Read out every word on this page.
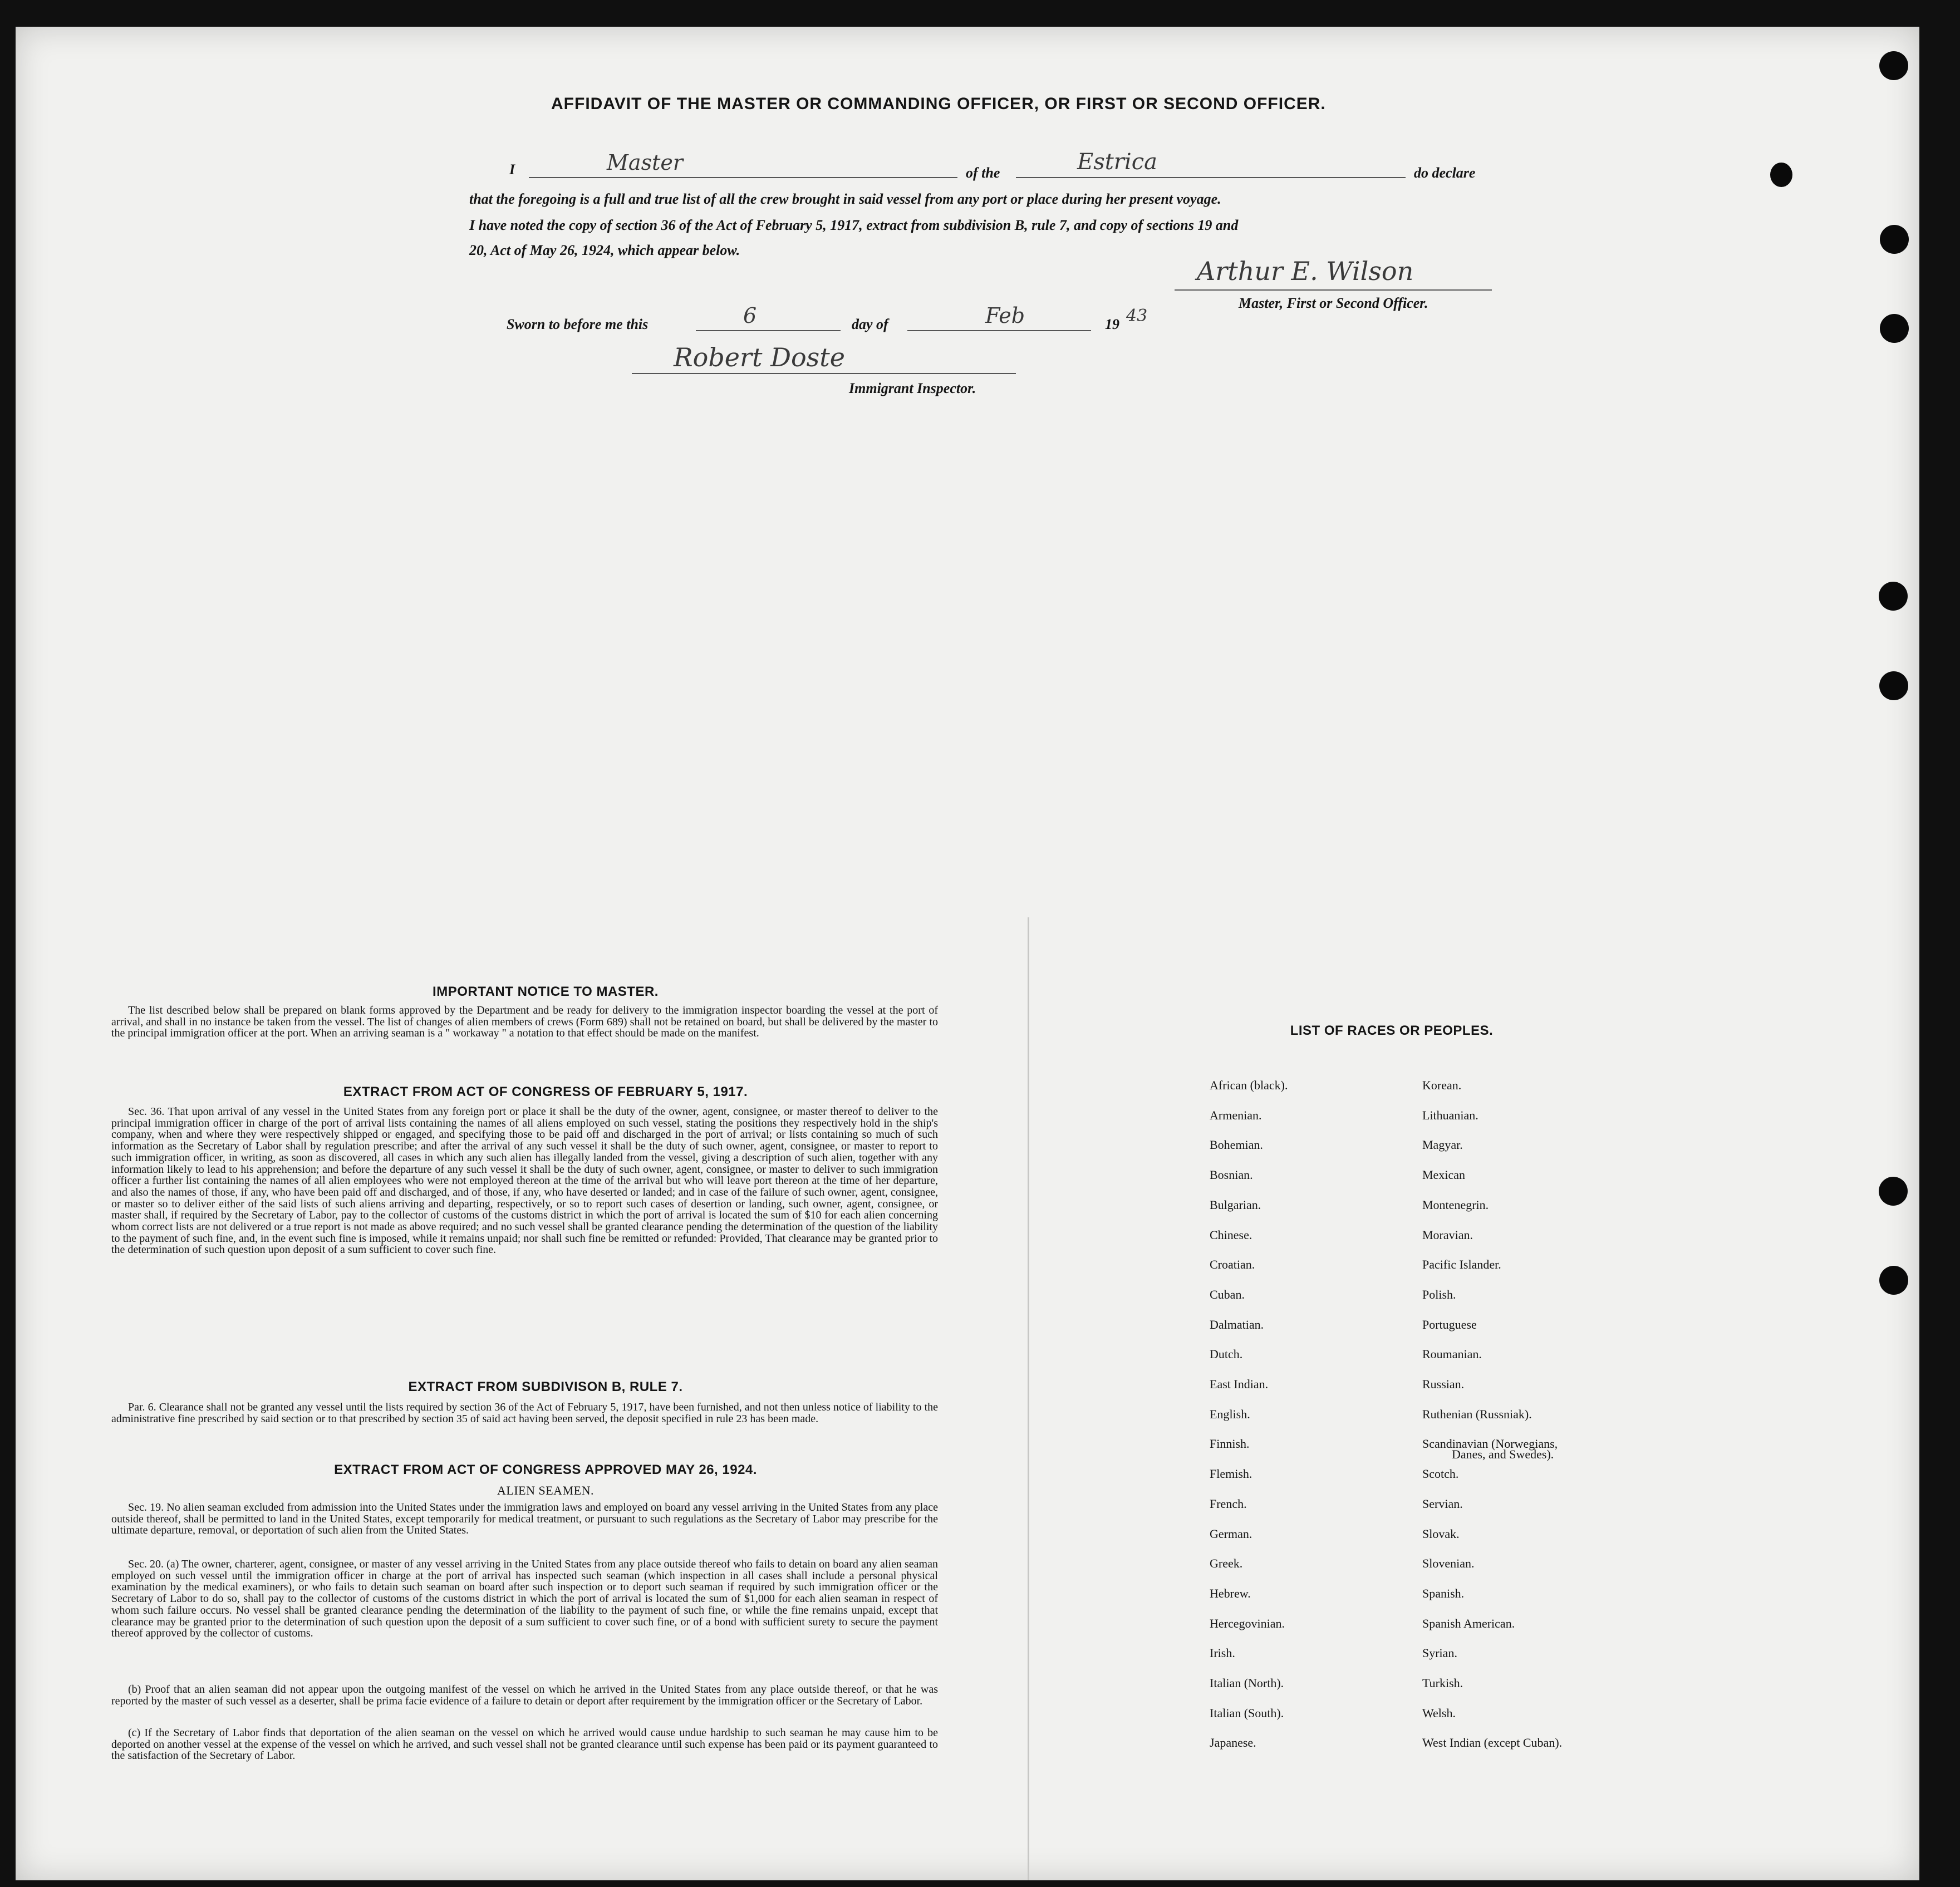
AFFIDAVIT OF THE MASTER OR COMMANDING OFFICER, OR FIRST OR SECOND OFFICER.
I	Master	of the	Estrica	do declare
that the foregoing is a full and true list of all the crew brought in said vessel from any port or place during her present voyage.
I have noted the copy of section 36 of the Act of February 5, 1917, extract from subdivision B, rule 7, and copy of sections 19 and
20, Act of May 26, 1924, which appear below.
Arthur E. Wilson
Master, First or Second Officer.
Sworn to before me this	6	day of	Feb	19 43
Robert Doste
Immigrant Inspector.
IMPORTANT NOTICE TO MASTER.
The list described below shall be prepared on blank forms approved by the Department and be ready for delivery to the immigration inspector boarding the vessel at the port of arrival, and shall in no instance be taken from the vessel. The list of changes of alien members of crews (Form 689) shall not be retained on board, but shall be delivered by the master to the principal immigration officer at the port. When an arriving seaman is a " workaway " a notation to that effect should be made on the manifest.
EXTRACT FROM ACT OF CONGRESS OF FEBRUARY 5, 1917.
Sec. 36. That upon arrival of any vessel in the United States from any foreign port or place it shall be the duty of the owner, agent, consignee, or master thereof to deliver to the principal immigration officer in charge of the port of arrival lists containing the names of all aliens employed on such vessel, stating the positions they respectively hold in the ship's company, when and where they were respectively shipped or engaged, and specifying those to be paid off and discharged in the port of arrival; or lists containing so much of such information as the Secretary of Labor shall by regulation prescribe; and after the arrival of any such vessel it shall be the duty of such owner, agent, consignee, or master to report to such immigration officer, in writing, as soon as discovered, all cases in which any such alien has illegally landed from the vessel, giving a description of such alien, together with any information likely to lead to his apprehension; and before the departure of any such vessel it shall be the duty of such owner, agent, consignee, or master to deliver to such immigration officer a further list containing the names of all alien employees who were not employed thereon at the time of the arrival but who will leave port thereon at the time of her departure, and also the names of those, if any, who have been paid off and discharged, and of those, if any, who have deserted or landed; and in case of the failure of such owner, agent, consignee, or master so to deliver either of the said lists of such aliens arriving and departing, respectively, or so to report such cases of desertion or landing, such owner, agent, consignee, or master shall, if required by the Secretary of Labor, pay to the collector of customs of the customs district in which the port of arrival is located the sum of $10 for each alien concerning whom correct lists are not delivered or a true report is not made as above required; and no such vessel shall be granted clearance pending the determination of the question of the liability to the payment of such fine, and, in the event such fine is imposed, while it remains unpaid; nor shall such fine be remitted or refunded: Provided, That clearance may be granted prior to the determination of such question upon deposit of a sum sufficient to cover such fine.
EXTRACT FROM SUBDIVISON B, RULE 7.
Par. 6. Clearance shall not be granted any vessel until the lists required by section 36 of the Act of February 5, 1917, have been furnished, and not then unless notice of liability to the administrative fine prescribed by said section or to that prescribed by section 35 of said act having been served, the deposit specified in rule 23 has been made.
EXTRACT FROM ACT OF CONGRESS APPROVED MAY 26, 1924.
ALIEN SEAMEN.
Sec. 19. No alien seaman excluded from admission into the United States under the immigration laws and employed on board any vessel arriving in the United States from any place outside thereof, shall be permitted to land in the United States, except temporarily for medical treatment, or pursuant to such regulations as the Secretary of Labor may prescribe for the ultimate departure, removal, or deportation of such alien from the United States.
Sec. 20. (a) The owner, charterer, agent, consignee, or master of any vessel arriving in the United States from any place outside thereof who fails to detain on board any alien seaman employed on such vessel until the immigration officer in charge at the port of arrival has inspected such seaman (which inspection in all cases shall include a personal physical examination by the medical examiners), or who fails to detain such seaman on board after such inspection or to deport such seaman if required by such immigration officer or the Secretary of Labor to do so, shall pay to the collector of customs of the customs district in which the port of arrival is located the sum of $1,000 for each alien seaman in respect of whom such failure occurs. No vessel shall be granted clearance pending the determination of the liability to the payment of such fine, or while the fine remains unpaid, except that clearance may be granted prior to the determination of such question upon the deposit of a sum sufficient to cover such fine, or of a bond with sufficient surety to secure the payment thereof approved by the collector of customs.
(b) Proof that an alien seaman did not appear upon the outgoing manifest of the vessel on which he arrived in the United States from any place outside thereof, or that he was reported by the master of such vessel as a deserter, shall be prima facie evidence of a failure to detain or deport after requirement by the immigration officer or the Secretary of Labor.
(c) If the Secretary of Labor finds that deportation of the alien seaman on the vessel on which he arrived would cause undue hardship to such seaman he may cause him to be deported on another vessel at the expense of the vessel on which he arrived, and such vessel shall not be granted clearance until such expense has been paid or its payment guaranteed to the satisfaction of the Secretary of Labor.
LIST OF RACES OR PEOPLES.
African (black).
Armenian.
Bohemian.
Bosnian.
Bulgarian.
Chinese.
Croatian.
Cuban.
Dalmatian.
Dutch.
East Indian.
English.
Finnish.
Flemish.
French.
German.
Greek.
Hebrew.
Hercegovinian.
Irish.
Italian (North).
Italian (South).
Japanese.
Korean.
Lithuanian.
Magyar.
Mexican
Montenegrin.
Moravian.
Pacific Islander.
Polish.
Portuguese
Roumanian.
Russian.
Ruthenian (Russniak).
Scandinavian (Norwegians,
Scotch.
Servian.
Slovak.
Slovenian.
Spanish.
Spanish American.
Syrian.
Turkish.
Welsh.
West Indian (except Cuban).
Danes, and Swedes).
